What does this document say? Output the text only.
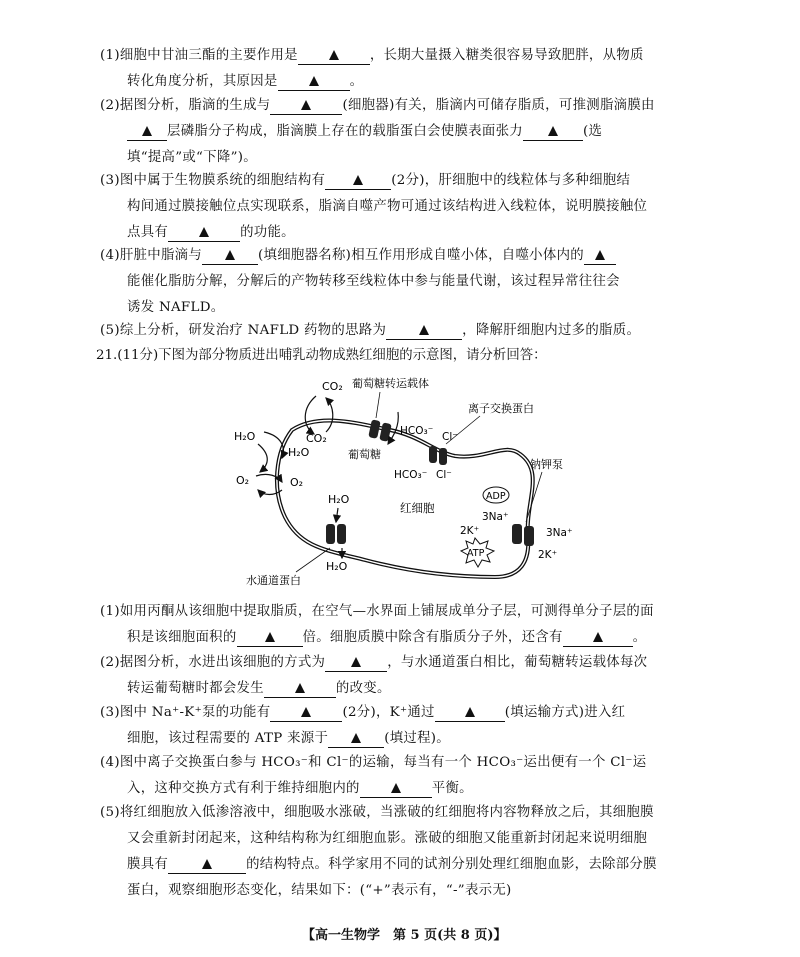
(1)细胞中甘油三酯的主要作用是	，长期大量摄入糖类很容易导致肥胖，从物质
转化角度分析，其原因是	。
(2)据图分析，脂滴的生成与	(细胞器)有关，脂滴内可储存脂质，可推测脂滴膜由
层磷脂分子构成，脂滴膜上存在的载脂蛋白会使膜表面张力	(选
填“提高”或“下降”)。
(3)图中属于生物膜系统的细胞结构有	(2分)，肝细胞中的线粒体与多种细胞结
构间通过膜接触位点实现联系，脂滴自噬产物可通过该结构进入线粒体，说明膜接触位
点具有	的功能。
(4)肝脏中脂滴与	(填细胞器名称)相互作用形成自噬小体，自噬小体内的
能催化脂肪分解，分解后的产物转移至线粒体中参与能量代谢，该过程异常往往会
诱发 NAFLD。
(5)综上分析，研发治疗 NAFLD 药物的思路为	，降解肝细胞内过多的脂质。
21.(11分)下图为部分物质进出哺乳动物成熟红细胞的示意图，请分析回答：
CO₂ 葡萄糖转运载体
CO₂
H₂O
H₂O
O₂	O₂
葡萄糖
离子交换蛋白
HCO₃⁻ Cl⁻
HCO₃⁻ Cl⁻
钠钾泵
ADP
3Na⁺
2K⁺
ATP
3Na⁺
2K⁺
H₂O
H₂O
水通道蛋白
红细胞
(1)如用丙酮从该细胞中提取脂质，在空气—水界面上铺展成单分子层，可测得单分子层的面
积是该细胞面积的	倍。细胞质膜中除含有脂质分子外，还含有	。
(2)据图分析，水进出该细胞的方式为	，与水通道蛋白相比，葡萄糖转运载体每次
转运葡萄糖时都会发生	的改变。
(3)图中 Na⁺-K⁺泵的功能有	(2分)，K⁺通过	(填运输方式)进入红
细胞，该过程需要的 ATP 来源于	(填过程)。
(4)图中离子交换蛋白参与 HCO₃⁻和 Cl⁻的运输，每当有一个 HCO₃⁻运出便有一个 Cl⁻运
入，这种交换方式有利于维持细胞内的	平衡。
(5)将红细胞放入低渗溶液中，细胞吸水涨破，当涨破的红细胞将内容物释放之后，其细胞膜
又会重新封闭起来，这种结构称为红细胞血影。涨破的细胞又能重新封闭起来说明细胞
膜具有	的结构特点。科学家用不同的试剂分别处理红细胞血影，去除部分膜
蛋白，观察细胞形态变化，结果如下：(“+”表示有，“-”表示无)
【高一生物学　第 5 页(共 8 页)】
